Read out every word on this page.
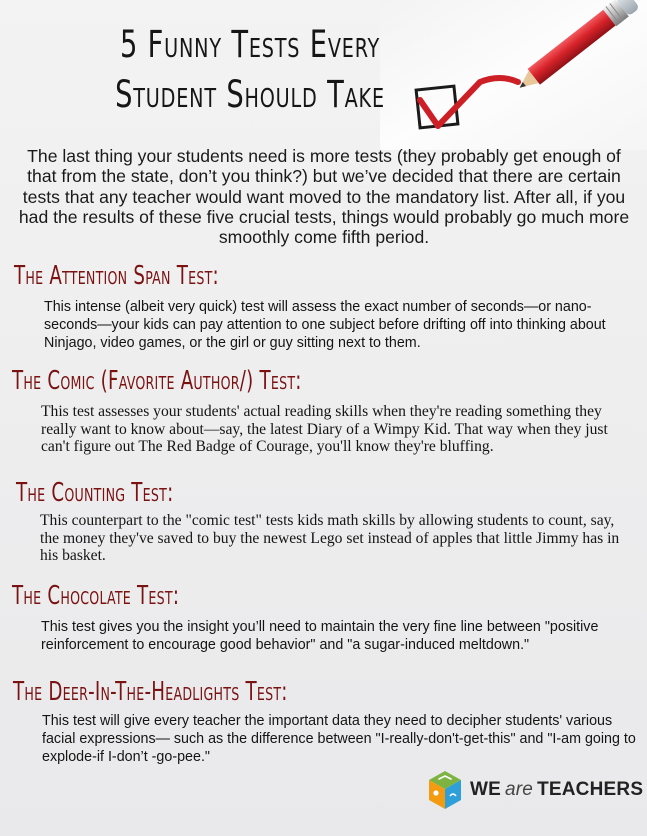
5 Funny Tests Every
Student Should Take
The last thing your students need is more tests (they probably get enough of that from the state, don’t you think?) but we’ve decided that there are certain tests that any teacher would want moved to the mandatory list. After all, if you had the results of these five crucial tests, things would probably go much more smoothly come fifth period.
The Attention Span Test:
This intense (albeit very quick) test will assess the exact number of seconds—or nano-seconds—your kids can pay attention to one subject before drifting off into thinking about Ninjago, video games, or the girl or guy sitting next to them.
The Comic (Favorite Author/) Test:
This test assesses your students' actual reading skills when they're reading something they really want to know about—say, the latest Diary of a Wimpy Kid. That way when they just can't figure out The Red Badge of Courage, you'll know they're bluffing.
The Counting Test:
This counterpart to the "comic test" tests kids math skills by allowing students to count, say, the money they've saved to buy the newest Lego set instead of apples that little Jimmy has in his basket.
The Chocolate Test:
This test gives you the insight you’ll need to maintain the very fine line between "positive reinforcement to encourage good behavior" and "a sugar-induced meltdown."
The Deer-In-The-Headlights Test:
This test will give every teacher the important data they need to decipher students' various facial expressions— such as the difference between "I-really-don't-get-this" and "I-am going to explode-if I-don’t -go-pee."
WE are TEACHERS
